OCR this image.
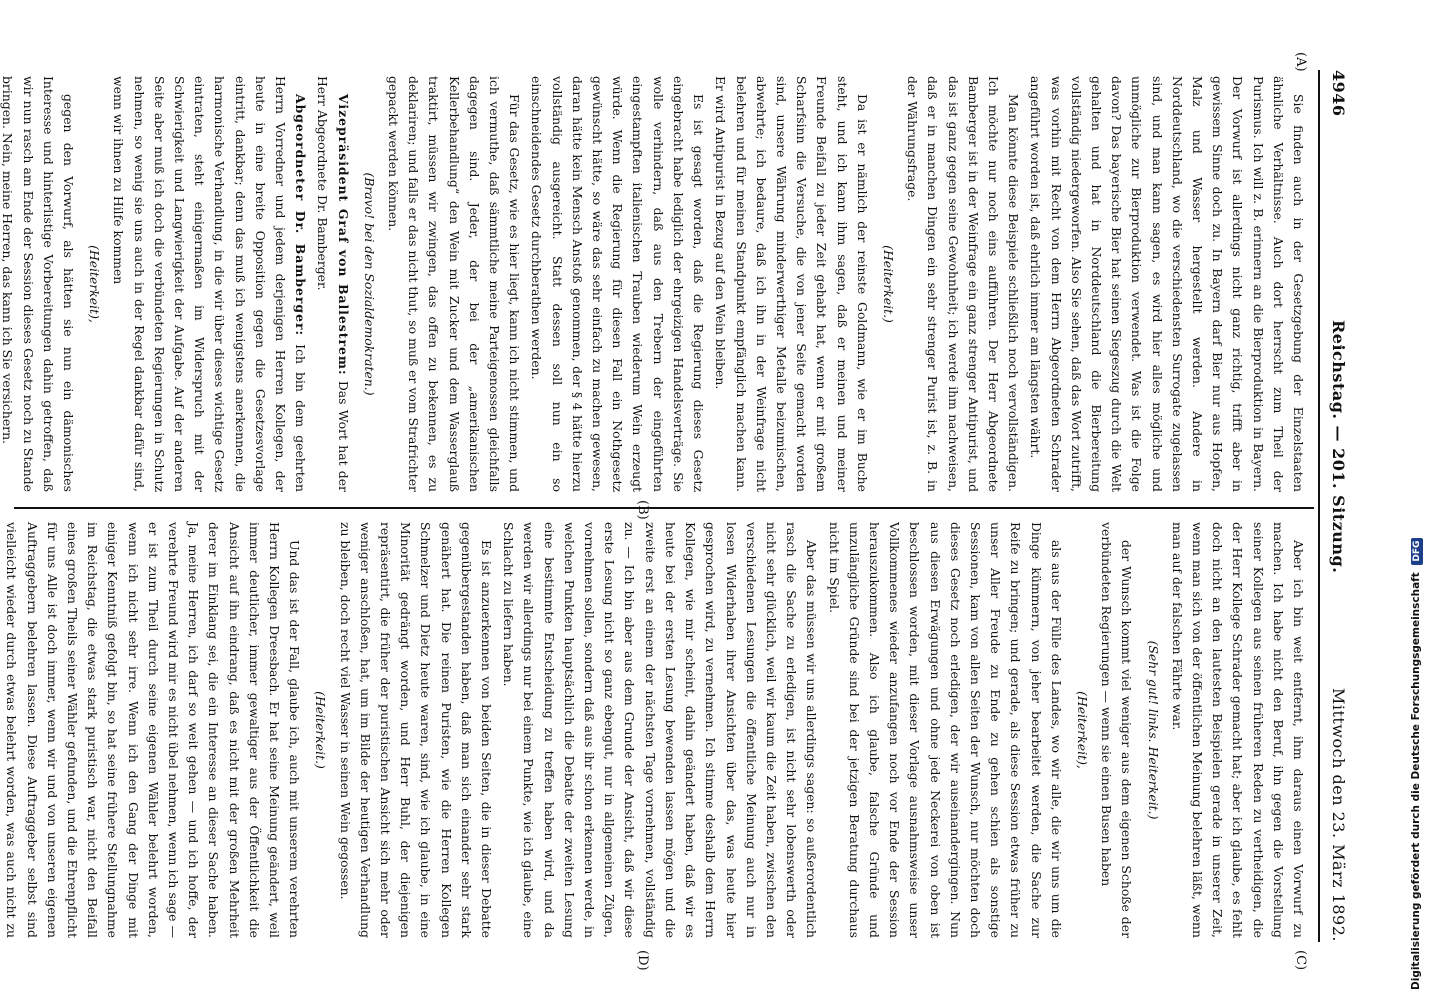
4946
Reichstag. — 201. Sitzung.
Mittwoch den 23. März 1892.
(A)
(B)
(C)
(D)

Sie finden auch in der Gesetzgebung der Einzelstaaten ähnliche Verhältnisse. Auch dort herrscht zum Theil der Purismus. Ich will z. B. erinnern an die Bierproduktion in Bayern. Der Vorwurf ist allerdings nicht ganz richtig, trifft aber in gewissem Sinne doch zu. In Bayern darf Bier nur aus Hopfen, Malz und Wasser hergestellt werden. Andere in Norddeutschland, wo die verschiedensten Surrogate zugelassen sind, und man kann sagen, es wird hier alles mögliche und unmögliche zur Bierproduktion verwendet. Was ist die Folge davon? Das bayerische Bier hat seinen Siegeszug durch die Welt gehalten und hat in Norddeutschland die Bierbereitung vollständig niedergeworfen. Also Sie sehen, daß das Wort zutrifft, was vorhin mit Recht von dem Herrn Abgeordneten Schrader angeführt worden ist, daß ehrlich immer am längsten währt.

Man könnte diese Beispiele schließlich noch vervollständigen. Ich möchte nur noch eins aufführen. Der Herr Abgeordnete Bamberger ist in der Weinfrage ein ganz strenger Antipurist, und das ist ganz gegen seine Gewohnheit; ich werde ihm nachweisen, daß er in manchen Dingen ein sehr strenger Purist ist, z. B. in der Währungsfrage.

(Heiterkeit.)

Da ist er nämlich der reinste Goldmann, wie er im Buche steht, und ich kann ihm sagen, daß er meinen und meiner Freunde Beifall zu jeder Zeit gehabt hat, wenn er mit großem Scharfsinn die Versuche, die von jener Seite gemacht worden sind, unsere Währung minderwerthiger Metalle beizumischen, abwehrte; ich bedaure, daß ich ihn in der Weinfrage nicht belehren und für meinen Standpunkt empfänglich machen kann. Er wird Antipurist in Bezug auf den Wein bleiben.

Es ist gesagt worden, daß die Regierung dieses Gesetz eingebracht habe lediglich der ehrgeizigen Handelsverträge. Sie wolle verhindern, daß aus den Trebern der eingeführten eingestampften italienischen Trauben wiederum Wein erzeugt würde. Wenn die Regierung für diesen Fall ein Nothgesetz gewünscht hätte, so wäre das sehr einfach zu machen gewesen, daran hätte kein Mensch Anstoß genommen, der § 4 hätte hierzu vollständig ausgereicht. Statt dessen soll nun ein so einschneidendes Gesetz durchberathen werden.

Für das Gesetz, wie es hier liegt, kann ich nicht stimmen, und ich vermuthe, daß sämmtliche meine Parteigenossen gleichfalls dagegen sind. Jeder, der bei der „amerikanischen Kellerbehandlung“ den Wein mit Zucker und dem Wasserglauß traktirt, müssen wir zwingen, das offen zu bekennen, es zu deklariren; und falls er das nicht thut, so muß er vom Strafrichter gepackt werden können.

(Bravo! bei den Sozialdemokraten.)

Vizepräsident Graf von Ballestrem: Das Wort hat der Herr Abgeordnete Dr. Bamberger.

Abgeordneter Dr. Bamberger: Ich bin dem geehrten Herrn Vorredner und jedem derjenigen Herren Kollegen, der heute in eine breite Opposition gegen die Gesetzesvorlage eintritt, dankbar; denn das muß ich wenigstens anerkennen, die harmonische Verhandlung, in die wir über dieses wichtige Gesetz eintraten, steht einigermaßen im Widerspruch mit der Schwierigkeit und Langwierigkeit der Aufgabe. Auf der anderen Seite aber muß ich doch die verbündeten Regierungen in Schutz nehmen, so wenig sie uns auch in der Regel dankbar dafür sind, wenn wir ihnen zu Hilfe kommen

(Heiterkeit),

gegen den Vorwurf, als hätten sie nun ein dämonisches Interesse und hinterlistige Vorbereitungen dahin getroffen, daß wir nun rasch am Ende der Session dieses Gesetz noch zu Stande bringen. Nein, meine Herren, das kann ich Sie versichern.

Aber ich bin weit entfernt, ihm daraus einen Vorwurf zu machen. Ich habe nicht den Beruf, ihn gegen die Vorstellung seiner Kollegen aus seinen früheren Reden zu vertheidigen, die der Herr Kollege Schrader gemacht hat; aber ich glaube, es fehlt doch nicht an den lautesten Beispielen gerade in unserer Zeit, wenn man sich von der öffentlichen Meinung belehren läßt, wenn man auf der falschen Fährte war.

(Sehr gut! links. Heiterkeit.)

der Wunsch kommt viel weniger aus dem eigenen Schoße der verbündeten Regierungen — wenn sie einen Busen haben

(Heiterkeit),

als aus der Fülle des Landes, wo wir alle, die wir uns um die Dinge kümmern, von jeher bearbeitet werden, die Sache zur Reife zu bringen; und gerade, als diese Session etwas früher zu unser Aller Freude zu Ende zu gehen schien als sonstige Sessionen, kam von allen Seiten der Wunsch, nur möchten doch dieses Gesetz noch erledigen, der wir auseinandergingen. Nun aus diesen Erwägungen und ohne jede Neckerei von oben ist beschlossen worden, mit dieser Vorlage ausnahmsweise unser Vollkommenes wieder anzufangen noch vor Ende der Session herauszukommen. Also ich glaube, falsche Gründe und unzulängliche Gründe sind bei der jetzigen Beratung durchaus nicht im Spiel.

Aber das müssen wir uns allerdings sagen: so außerordentlich rasch die Sache zu erledigen, ist nicht sehr lobenswerth oder nicht sehr glücklich, weil wir kaum die Zeit haben, zwischen den verschiedenen Lesungen die öffentliche Meinung auch nur in losen Widerhaben ihrer Ansichten über das, was heute hier gesprochen wird, zu vernehmen. Ich stimme deshalb dem Herrn Kollegen, wie mir scheint, dahin geändert haben, daß wir es heute bei der ersten Lesung bewenden lassen mögen und die zweite erst an einem der nächsten Tage vornehmen, vollständig zu. — Ich bin aber aus dem Grunde der Ansicht, daß wir diese erste Lesung nicht so ganz ebengut, nur in allgemeinen Zügen, vornehmen sollen, sondern daß aus ihr schon erkennen werde, in welchen Punkten hauptsächlich die Debatte der zweiten Lesung eine bestimmte Entscheidung zu treffen haben wird, und da werden wir allerdings nur bei einem Punkte, wie ich glaube, eine Schlacht zu liefern haben.

Es ist anzuerkennen von beiden Seiten, die in dieser Debatte gegenübergestanden haben, daß man sich einander sehr stark genähert hat. Die reinen Puristen, wie die Herren Kollegen Schmelzer und Dietz heute waren, sind, wie ich glaube, in eine Minorität gedrängt worden, und Herr Buhl, der diejenigen repräsentirt, die früher der puristischen Ansicht sich mehr oder weniger anschloßen, hat, um im Bilde der heutigen Verhandlung zu bleiben, doch recht viel Wasser in seinen Wein gegossen.

(Heiterkeit.)

Und das ist der Fall, glaube ich, auch mit unserem verehrten Herrn Kollegen Dreesbach. Er hat seine Meinung geändert, weil immer deutlicher, immer gewaltiger aus der Öffentlichkeit die Ansicht auf ihn eindrang, daß es nicht mit der großen Mehrheit derer im Einklang sei, die ein Interesse an dieser Sache haben. Ja, meine Herren, ich darf so weit gehen — und ich hoffe, der verehrte Freund wird mir es nicht übel nehmen, wenn ich sage — er ist zum Theil durch seine eigenen Wähler belehrt worden, wenn ich nicht sehr irre. Wenn ich den Gang der Dinge mit einiger Kenntniß gefolgt bin, so hat seine frühere Stellungnahme im Reichstag, die etwas stark puristisch war, nicht den Beifall eines großen Theils seiner Wähler gefunden, und die Ehrenpflicht für uns Alle ist doch immer, wenn wir und von unseren eigenen Auftraggebern belehren lassen. Diese Auftraggeber selbst sind vielleicht wieder durch etwas belehrt worden, was auch nicht zu	Digitalisierung gefördert durch die Deutsche Forschungsgemeinschaft DFG
